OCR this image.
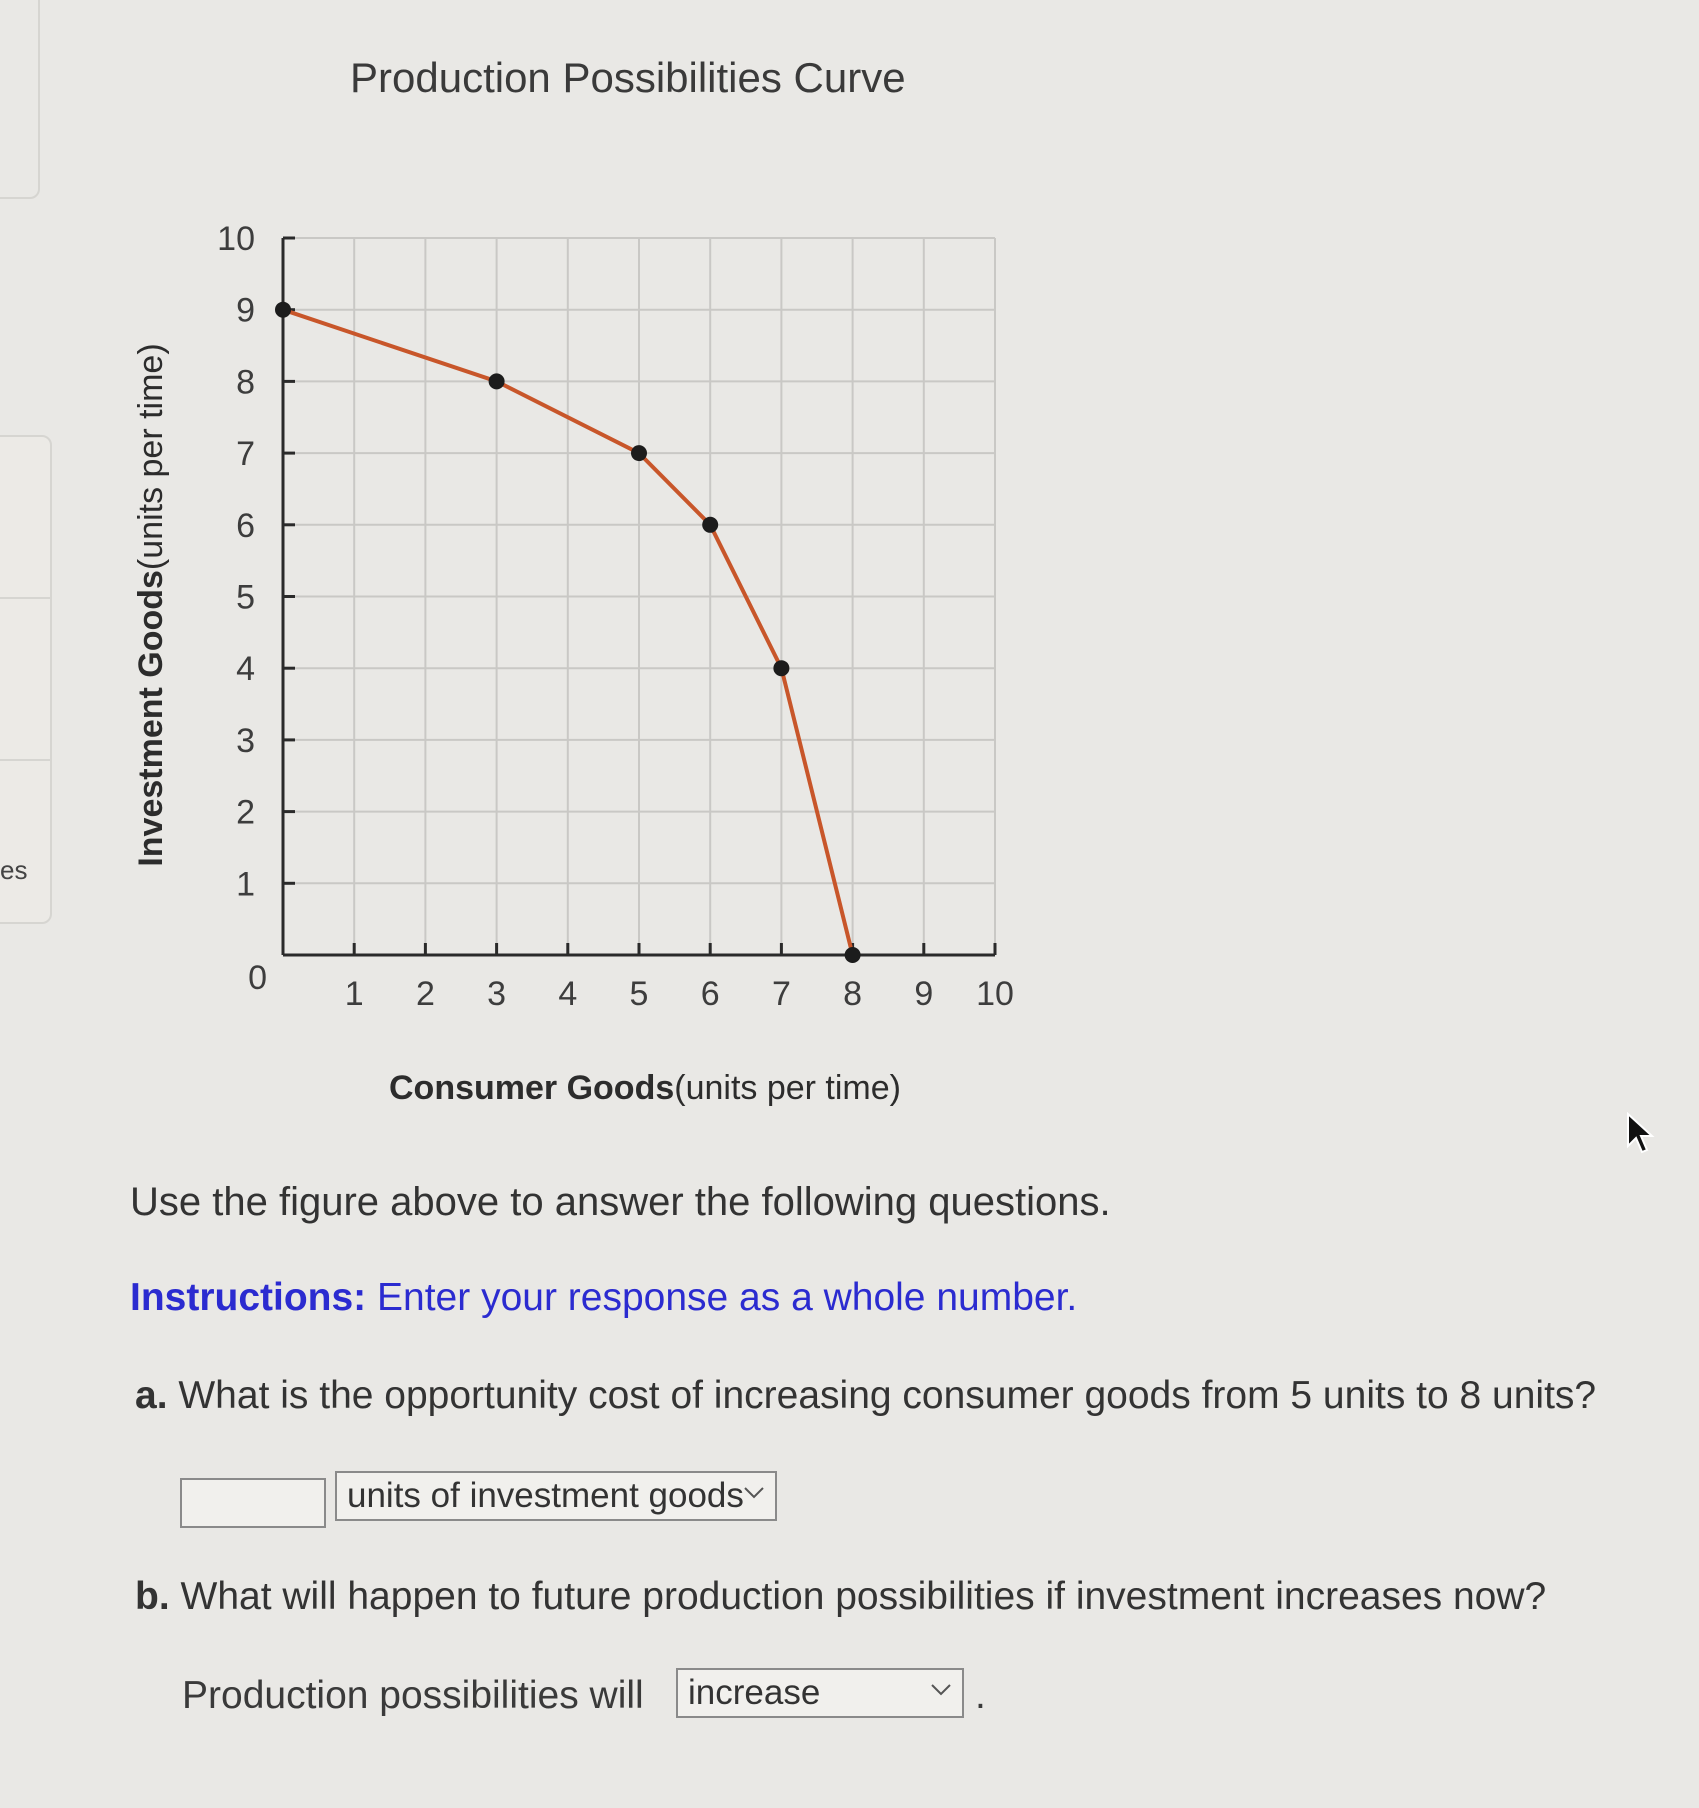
es
Production Possibilities Curve
1 2 3 4 5 6 7 8 9 10
1
2
3
4
5
6
7
8
9
10
0
Consumer Goods(units per time)
Investment Goods(units per time)
Use the figure above to answer the following questions.
Instructions: Enter your response as a whole number.
a. What is the opportunity cost of increasing consumer goods from 5 units to 8 units?
units of investment goods
b. What will happen to future production possibilities if investment increases now?
Production possibilities will increase	.
